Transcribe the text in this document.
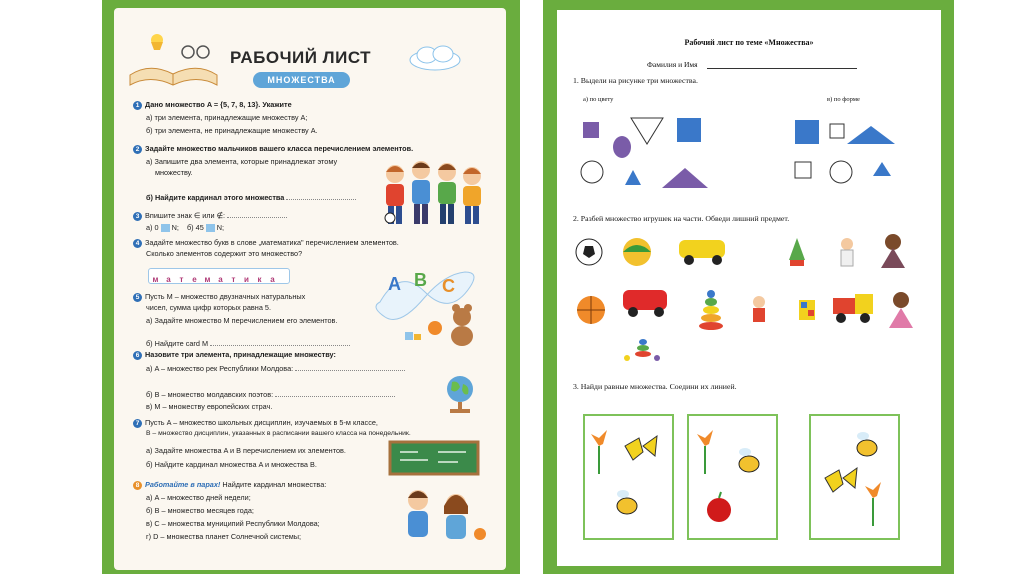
РАБОЧИЙ ЛИСТ
МНОЖЕСТВА
1 Дано множество A = {5, 7, 8, 13}. Укажите
а) три элемента, принадлежащие множеству A;
б) три элемента, не принадлежащие множеству A.
2 Задайте множество мальчиков вашего класса перечислением элементов.
а) Запишите два элемента, которые принадлежат этому
множеству.
б) Найдите кардинал этого множества
3 Впишите знак ∈ или ∉:
а) 0 N; б) 45 N;
4 Задайте множество букв в слове „математика" перечислением элементов.
Сколько элементов содержит это множество?
м а т е м а т и к а	A B C
5 Пусть M – множество двузначных натуральных
чисел, сумма цифр которых равна 5.
а) Задайте множество M перечислением его элементов.
б) Найдите card M
6 Назовите три элемента, принадлежащие множеству:
а) A – множество рек Республики Молдова:
б) B – множество молдавских поэтов:
в) M – множеству европейских страч.
7 Пусть A – множество школьных дисциплин, изучаемых в 5-м классе,
B – множество дисциплин, указанных в расписании вашего класса на понедельник.
а) Задайте множества A и B перечислением их элементов.
б) Найдите кардинал множества A и множества B.
8 Работайте в парах! Найдите кардинал множества:
а) A – множество дней недели;
б) B – множество месяцев года;
в) C – множества муниципий Республики Молдова;
г) D – множества планет Солнечной системы;
Рабочий лист по теме «Множества»
Фамилия и Имя
1. Выдели на рисунке три множества.
а) по цвету	в) по форме
2. Разбей множество игрушек на части. Обведи лишний предмет.
3. Найди равные множества. Соедини их линией.
